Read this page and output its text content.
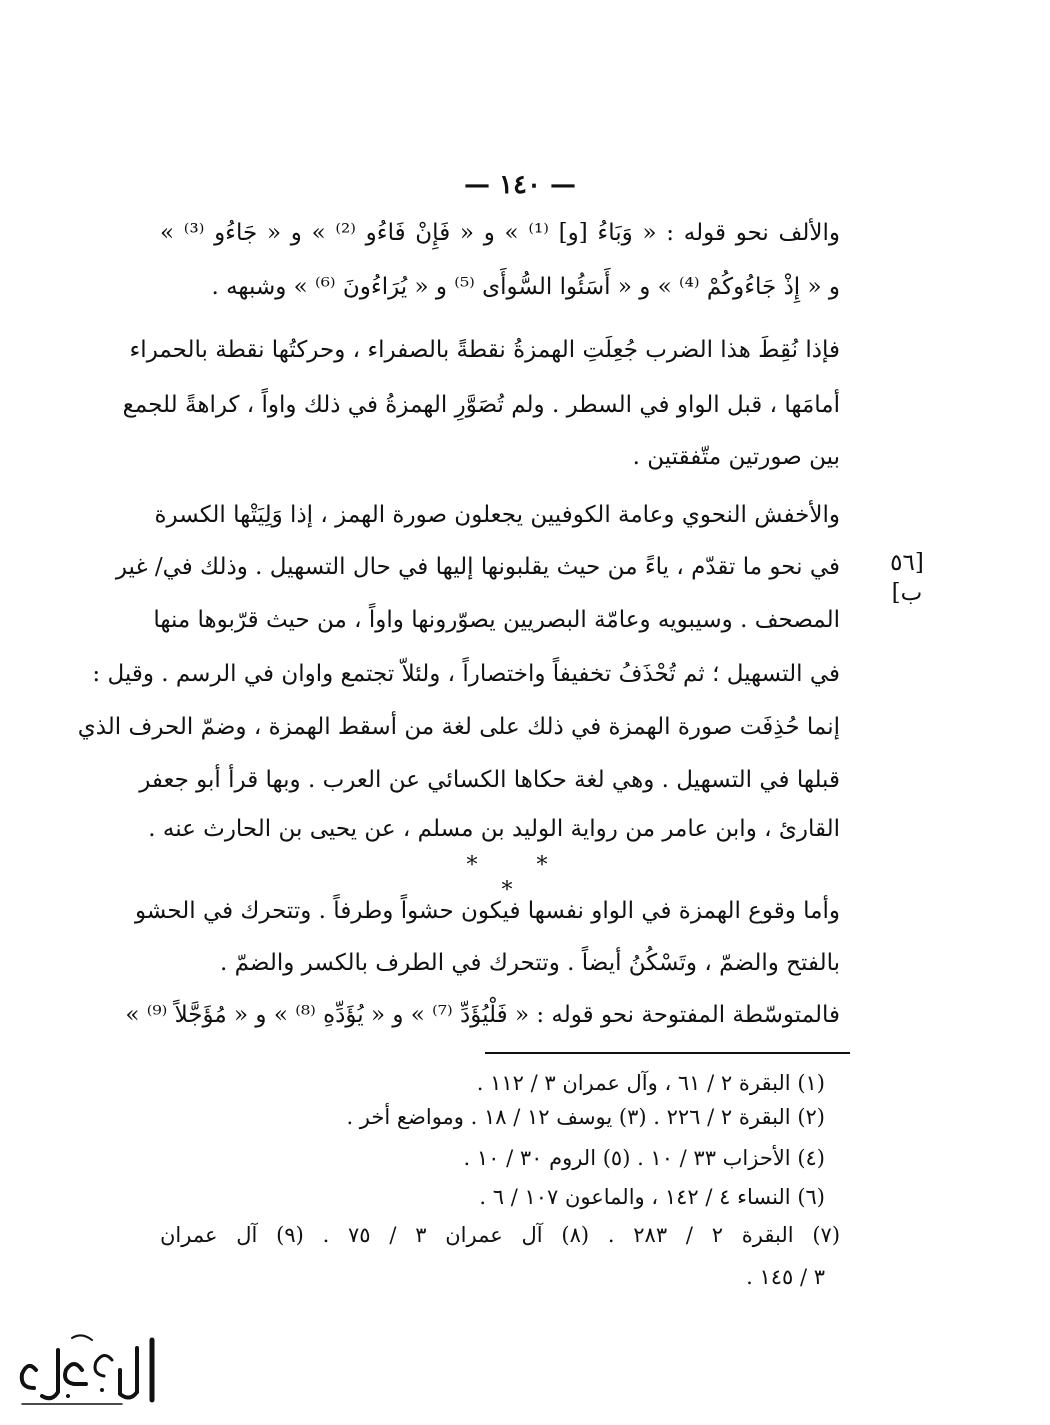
— ١٤٠ —
والألف نحو قوله : « وَبَاءُ [و] ⁽¹⁾ » و « فَإِنْ فَاءُو ⁽²⁾ » و « جَاءُو ⁽³⁾ »
و « إِذْ جَاءُوكُمْ ⁽⁴⁾ » و « أَسَئُوا السُّوأَى ⁽⁵⁾ و « يُرَاءُونَ ⁽⁶⁾ » وشبهه .
فإذا نُقِطَ هذا الضرب جُعِلَتِ الهمزةُ نقطةً بالصفراء ، وحركتُها نقطة بالحمراء
أمامَها ، قبل الواو في السطر . ولم تُصَوَّرِ الهمزةُ في ذلك واواً ، كراهةً للجمع
بين صورتين متّفقتين .
والأخفش النحوي وعامة الكوفيين يجعلون صورة الهمز ، إذا وَلِيَتْها الكسرة
في نحو ما تقدّم ، ياءً من حيث يقلبونها إليها في حال التسهيل . وذلك في/ غير	[٥٦ ب]
المصحف . وسيبويه وعامّة البصريين يصوّرونها واواً ، من حيث قرّبوها منها
في التسهيل ؛ ثم تُحْذَفُ تخفيفاً واختصاراً ، ولئلاّ تجتمع واوان في الرسم . وقيل :
إنما حُذِفَت صورة الهمزة في ذلك على لغة من أسقط الهمزة ، وضمّ الحرف الذي
قبلها في التسهيل . وهي لغة حكاها الكسائي عن العرب . وبها قرأ أبو جعفر
القارئ ، وابن عامر من رواية الوليد بن مسلم ، عن يحيى بن الحارث عنه .
* * *
وأما وقوع الهمزة في الواو نفسها فيكون حشواً وطرفاً . وتتحرك في الحشو
بالفتح والضمّ ، وتَسْكُنُ أيضاً . وتتحرك في الطرف بالكسر والضمّ .
فالمتوسّطة المفتوحة نحو قوله : « فَلْيُؤَدِّ ⁽⁷⁾ » و « يُؤَدِّهِ ⁽⁸⁾ » و « مُؤَجَّلاً ⁽⁹⁾ »
(١) البقرة ٢ / ٦١ ، وآل عمران ٣ / ١١٢ .
(٢) البقرة ٢ / ٢٢٦ . (٣) يوسف ١٢ / ١٨ . ومواضع أخر .
(٤) الأحزاب ٣٣ / ١٠ . (٥) الروم ٣٠ / ١٠ .
(٦) النساء ٤ / ١٤٢ ، والماعون ١٠٧ / ٦ .
(٧) البقرة ٢ / ٢٨٣ . (٨) آل عمران ٣ / ٧٥ . (٩) آل عمران
٣ / ١٤٥ .
